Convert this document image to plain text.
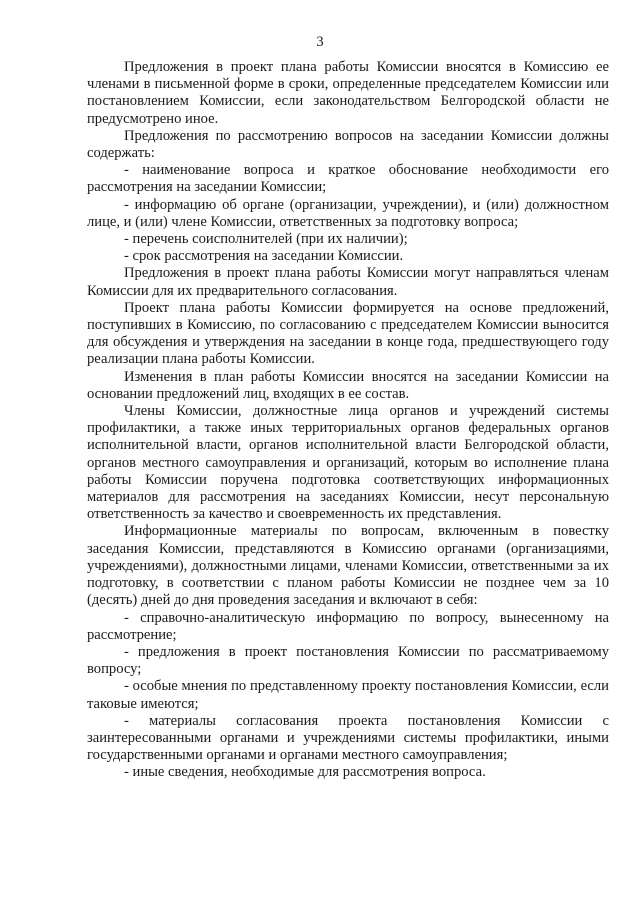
3

Предложения в проект плана работы Комиссии вносятся в Комиссию ее членами в письменной форме в сроки, определенные председателем Комиссии или постановлением Комиссии, если законодательством Белгородской области не предусмотрено иное.

Предложения по рассмотрению вопросов на заседании Комиссии должны содержать:

- наименование вопроса и краткое обоснование необходимости его рассмотрения на заседании Комиссии;

- информацию об органе (организации, учреждении), и (или) должностном лице, и (или) члене Комиссии, ответственных за подготовку вопроса;

- перечень соисполнителей (при их наличии);

- срок рассмотрения на заседании Комиссии.

Предложения в проект плана работы Комиссии могут направляться членам Комиссии для их предварительного согласования.

Проект плана работы Комиссии формируется на основе предложений, поступивших в Комиссию, по согласованию с председателем Комиссии выносится для обсуждения и утверждения на заседании в конце года, предшествующего году реализации плана работы Комиссии.

Изменения в план работы Комиссии вносятся на заседании Комиссии на основании предложений лиц, входящих в ее состав.

Члены Комиссии, должностные лица органов и учреждений системы профилактики, а также иных территориальных органов федеральных органов исполнительной власти, органов исполнительной власти Белгородской области, органов местного самоуправления и организаций, которым во исполнение плана работы Комиссии поручена подготовка соответствующих информационных материалов для рассмотрения на заседаниях Комиссии, несут персональную ответственность за качество и своевременность их представления.

Информационные материалы по вопросам, включенным в повестку заседания Комиссии, представляются в Комиссию органами (организациями, учреждениями), должностными лицами, членами Комиссии, ответственными за их подготовку, в соответствии с планом работы Комиссии не позднее чем за 10 (десять) дней до дня проведения заседания и включают в себя:

- справочно-аналитическую информацию по вопросу, вынесенному на рассмотрение;

- предложения в проект постановления Комиссии по рассматриваемому вопросу;

- особые мнения по представленному проекту постановления Комиссии, если таковые имеются;

- материалы согласования проекта постановления Комиссии с заинтересованными органами и учреждениями системы профилактики, иными государственными органами и органами местного самоуправления;

- иные сведения, необходимые для рассмотрения вопроса.
